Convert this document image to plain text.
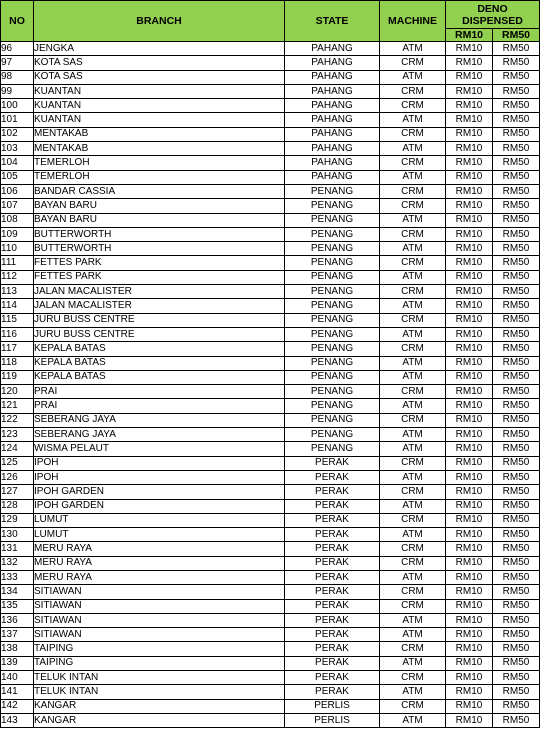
NO	BRANCH	STATE	MACHINE	DENO DISPENSED	
				RM10	RM50
96	JENGKA	PAHANG	ATM	RM10	RM50
97	KOTA SAS	PAHANG	CRM	RM10	RM50
98	KOTA SAS	PAHANG	ATM	RM10	RM50
99	KUANTAN	PAHANG	CRM	RM10	RM50
100	KUANTAN	PAHANG	CRM	RM10	RM50
101	KUANTAN	PAHANG	ATM	RM10	RM50
102	MENTAKAB	PAHANG	CRM	RM10	RM50
103	MENTAKAB	PAHANG	ATM	RM10	RM50
104	TEMERLOH	PAHANG	CRM	RM10	RM50
105	TEMERLOH	PAHANG	ATM	RM10	RM50
106	BANDAR CASSIA	PENANG	CRM	RM10	RM50
107	BAYAN BARU	PENANG	CRM	RM10	RM50
108	BAYAN BARU	PENANG	ATM	RM10	RM50
109	BUTTERWORTH	PENANG	CRM	RM10	RM50
110	BUTTERWORTH	PENANG	ATM	RM10	RM50
111	FETTES PARK	PENANG	CRM	RM10	RM50
112	FETTES PARK	PENANG	ATM	RM10	RM50
113	JALAN MACALISTER	PENANG	CRM	RM10	RM50
114	JALAN MACALISTER	PENANG	ATM	RM10	RM50
115	JURU BUSS CENTRE	PENANG	CRM	RM10	RM50
116	JURU BUSS CENTRE	PENANG	ATM	RM10	RM50
117	KEPALA BATAS	PENANG	CRM	RM10	RM50
118	KEPALA BATAS	PENANG	ATM	RM10	RM50
119	KEPALA BATAS	PENANG	ATM	RM10	RM50
120	PRAI	PENANG	CRM	RM10	RM50
121	PRAI	PENANG	ATM	RM10	RM50
122	SEBERANG JAYA	PENANG	CRM	RM10	RM50
123	SEBERANG JAYA	PENANG	ATM	RM10	RM50
124	WISMA PELAUT	PENANG	ATM	RM10	RM50
125	IPOH	PERAK	CRM	RM10	RM50
126	IPOH	PERAK	ATM	RM10	RM50
127	IPOH GARDEN	PERAK	CRM	RM10	RM50
128	IPOH GARDEN	PERAK	ATM	RM10	RM50
129	LUMUT	PERAK	CRM	RM10	RM50
130	LUMUT	PERAK	ATM	RM10	RM50
131	MERU RAYA	PERAK	CRM	RM10	RM50
132	MERU RAYA	PERAK	CRM	RM10	RM50
133	MERU RAYA	PERAK	ATM	RM10	RM50
134	SITIAWAN	PERAK	CRM	RM10	RM50
135	SITIAWAN	PERAK	CRM	RM10	RM50
136	SITIAWAN	PERAK	ATM	RM10	RM50
137	SITIAWAN	PERAK	ATM	RM10	RM50
138	TAIPING	PERAK	CRM	RM10	RM50
139	TAIPING	PERAK	ATM	RM10	RM50
140	TELUK INTAN	PERAK	CRM	RM10	RM50
141	TELUK INTAN	PERAK	ATM	RM10	RM50
142	KANGAR	PERLIS	CRM	RM10	RM50
143	KANGAR	PERLIS	ATM	RM10	RM50
